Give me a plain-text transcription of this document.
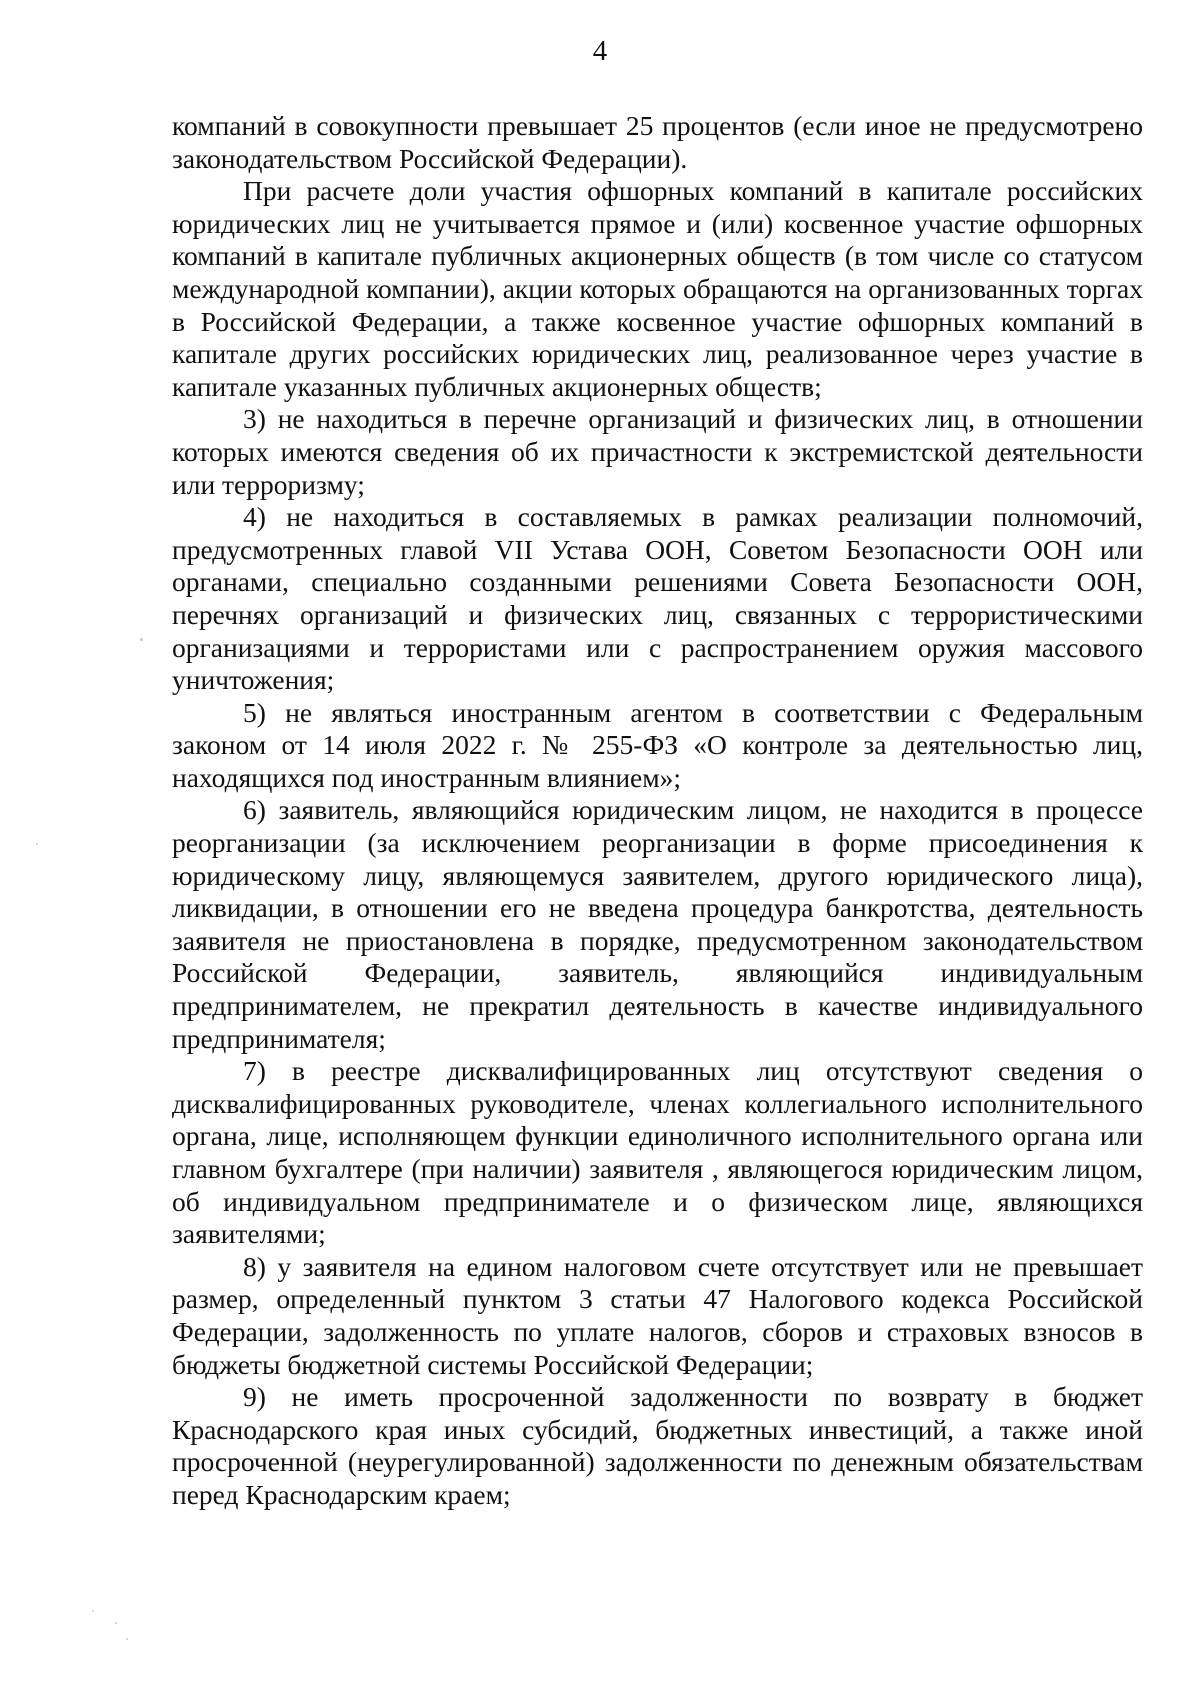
4

компаний в совокупности превышает 25 процентов (если иное не предусмотрено законодательством Российской Федерации).

При расчете доли участия офшорных компаний в капитале российских юридических лиц не учитывается прямое и (или) косвенное участие офшорных компаний в капитале публичных акционерных обществ (в том числе со статусом международной компании), акции которых обращаются на организованных торгах в Российской Федерации, а также косвенное участие офшорных компаний в капитале других российских юридических лиц, реализованное через участие в капитале указанных публичных акционерных обществ;

3) не находиться в перечне организаций и физических лиц, в отношении которых имеются сведения об их причастности к экстремистской деятельности или терроризму;

4) не находиться в составляемых в рамках реализации полномочий, предусмотренных главой VII Устава ООН, Советом Безопасности ООН или органами, специально созданными решениями Совета Безопасности ООН, перечнях организаций и физических лиц, связанных с террористическими организациями и террористами или с распространением оружия массового уничтожения;

5) не являться иностранным агентом в соответствии с Федеральным законом от 14 июля 2022 г. № 255-ФЗ «О контроле за деятельностью лиц, находящихся под иностранным влиянием»;

6) заявитель, являющийся юридическим лицом, не находится в процессе реорганизации (за исключением реорганизации в форме присоединения к юридическому лицу, являющемуся заявителем, другого юридического лица), ликвидации, в отношении его не введена процедура банкротства, деятельность заявителя не приостановлена в порядке, предусмотренном законодательством Российской Федерации, заявитель, являющийся индивидуальным предпринимателем, не прекратил деятельность в качестве индивидуального предпринимателя;

7) в реестре дисквалифицированных лиц отсутствуют сведения о дисквалифицированных руководителе, членах коллегиального исполнительного органа, лице, исполняющем функции единоличного исполнительного органа или главном бухгалтере (при наличии) заявителя , являющегося юридическим лицом, об индивидуальном предпринимателе и о физическом лице, являющихся заявителями;

8) у заявителя на едином налоговом счете отсутствует или не превышает размер, определенный пунктом 3 статьи 47 Налогового кодекса Российской Федерации, задолженность по уплате налогов, сборов и страховых взносов в бюджеты бюджетной системы Российской Федерации;

9) не иметь просроченной задолженности по возврату в бюджет Краснодарского края иных субсидий, бюджетных инвестиций, а также иной просроченной (неурегулированной) задолженности по денежным обязательствам перед Краснодарским краем;
